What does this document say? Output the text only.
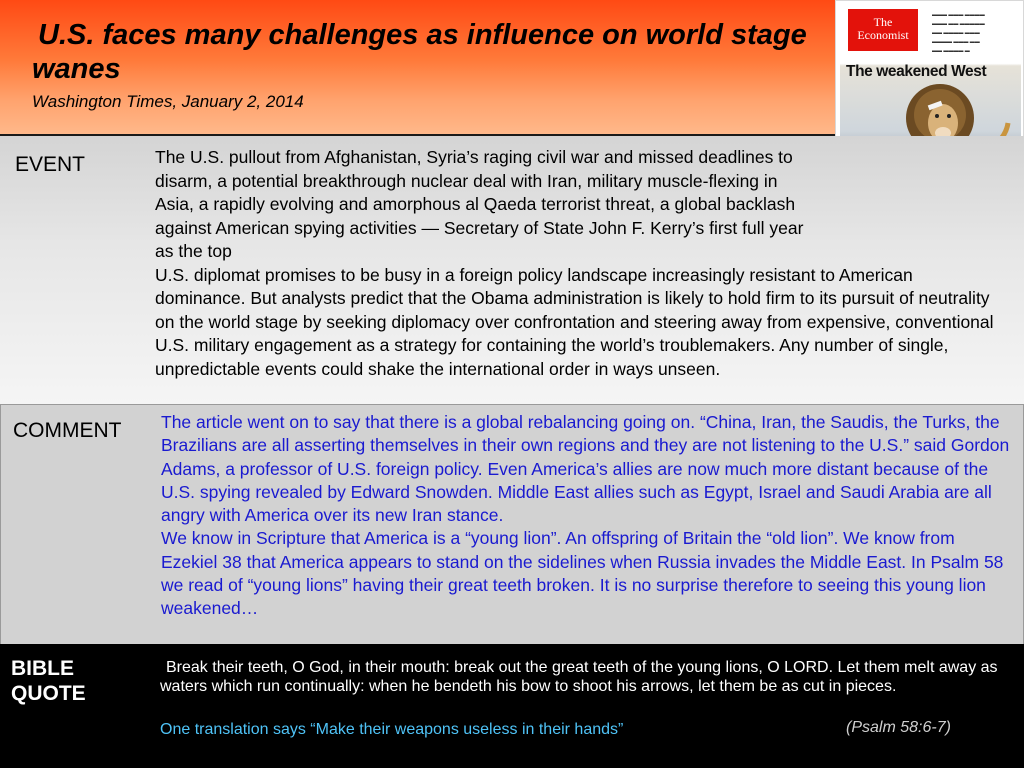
U.S. faces many challenges as influence on world stage wanes
Washington Times, January 2, 2014
The
Economist
▬▬▬ ▬▬▬ ▬▬▬▬
▬▬▬ ▬▬ ▬▬▬▬▬
▬▬ ▬▬▬▬ ▬▬▬
▬▬▬▬ ▬▬▬ ▬▬
▬▬ ▬▬▬▬ ▬
The weakened West
EVENT	The U.S. pullout from Afghanistan, Syria’s raging civil war and missed deadlines to disarm, a potential breakthrough nuclear deal with Iran, military muscle-flexing in Asia, a rapidly evolving and amorphous al Qaeda terrorist threat, a global backlash against American spying activities — Secretary of State John F. Kerry’s first full year as the top
U.S. diplomat promises to be busy in a foreign policy landscape increasingly resistant to American dominance. But analysts predict that the Obama administration is likely to hold firm to its pursuit of neutrality on the world stage by seeking diplomacy over confrontation and steering away from expensive, conventional U.S. military engagement as a strategy for containing the world’s troublemakers. Any number of single, unpredictable events could shake the international order in ways unseen.
COMMENT The article went on to say that there is a global rebalancing going on. “China, Iran, the Saudis, the Turks, the Brazilians are all asserting themselves in their own regions and they are not listening to the U.S.” said Gordon Adams, a professor of U.S. foreign policy. Even America’s allies are now much more distant because of the U.S. spying revealed by Edward Snowden. Middle East allies such as Egypt, Israel and Saudi Arabia are all angry with America over its new Iran stance.

We know in Scripture that America is a “young lion”. An offspring of Britain the “old lion”. We know from Ezekiel 38 that America appears to stand on the sidelines when Russia invades the Middle East. In Psalm 58 we read of “young lions” having their great teeth broken. It is no surprise therefore to seeing this young lion weakened…

BIBLE
QUOTE
Break their teeth, O God, in their mouth: break out the great teeth of the young lions, O LORD. Let them melt away as waters which run continually: when he bendeth his bow to shoot his arrows, let them be as cut in pieces.
One translation says “Make their weapons useless in their hands”	(Psalm 58:6-7)
